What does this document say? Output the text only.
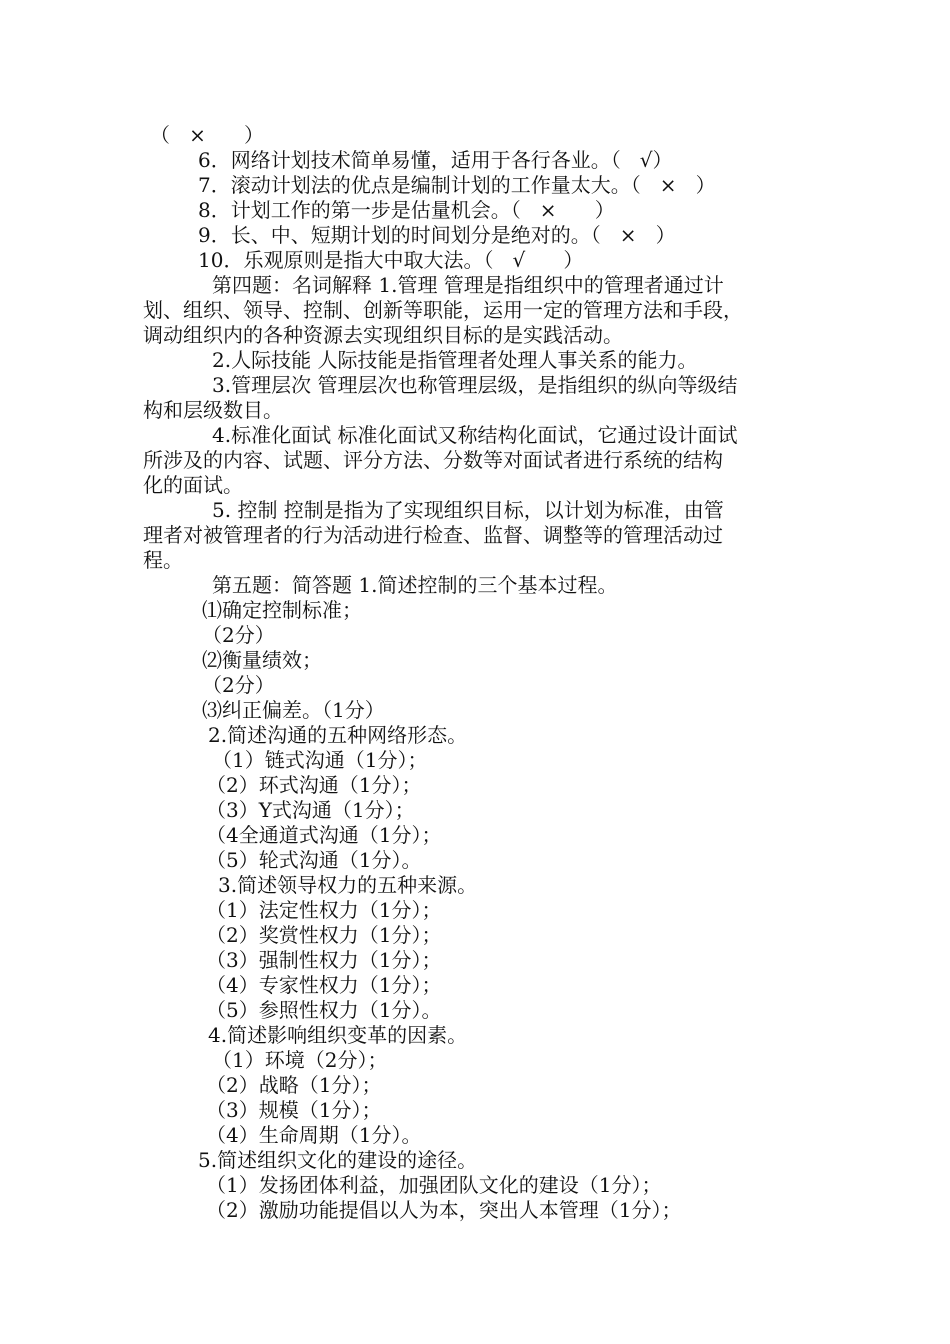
（   ×      ）
6．网络计划技术简单易懂，适用于各行各业。（   √）
7．滚动计划法的优点是编制计划的工作量太大。（   ×   ）
8．计划工作的第一步是估量机会。（   ×      ）
9．长、中、短期计划的时间划分是绝对的。（   ×   ）
10．乐观原则是指大中取大法。（   √      ）
第四题：名词解释 1.管理 管理是指组织中的管理者通过计
划、组织、领导、控制、创新等职能，运用一定的管理方法和手段，
调动组织内的各种资源去实现组织目标的是实践活动。
2.人际技能 人际技能是指管理者处理人事关系的能力。
3.管理层次 管理层次也称管理层级，是指组织的纵向等级结
构和层级数目。
4.标准化面试 标准化面试又称结构化面试，它通过设计面试
所涉及的内容、试题、评分方法、分数等对面试者进行系统的结构
化的面试。
5. 控制 控制是指为了实现组织目标，以计划为标准，由管
理者对被管理者的行为活动进行检查、监督、调整等的管理活动过
程。
第五题：简答题 1.简述控制的三个基本过程。
⑴确定控制标准；
（2分）
⑵衡量绩效；
（2分）
⑶纠正偏差。（1分）
2.简述沟通的五种网络形态。
（1）链式沟通（1分）；
（2）环式沟通（1分）；
（3）Y式沟通（1分）；
（4全通道式沟通（1分）；
（5）轮式沟通（1分）。
3.简述领导权力的五种来源。
（1）法定性权力（1分）；
（2）奖赏性权力（1分）；
（3）强制性权力（1分）；
（4）专家性权力（1分）；
（5）参照性权力（1分）。
4.简述影响组织变革的因素。
（1）环境（2分）；
（2）战略（1分）；
（3）规模（1分）；
（4）生命周期（1分）。
5.简述组织文化的建设的途径。
（1）发扬团体利益，加强团队文化的建设（1分）；
（2）激励功能提倡以人为本，突出人本管理（1分）；
